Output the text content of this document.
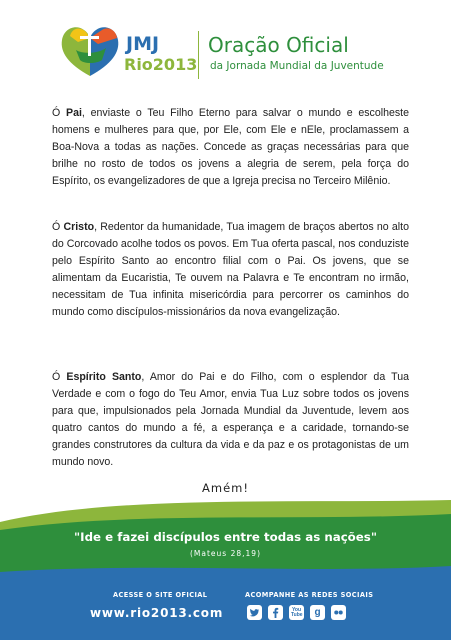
JMJ
Rio2013
Oração Oficial
da Jornada Mundial da Juventude
Ó Pai, enviaste o Teu Filho Eterno para salvar o mundo e escolheste homens e mulheres para que, por Ele, com Ele e nEle, proclamassem a Boa-Nova a todas as nações. Concede as graças necessárias para que brilhe no rosto de todos os jovens a alegria de serem, pela força do Espírito, os evangelizadores de que a Igreja precisa no Terceiro Milênio.
Ó Cristo, Redentor da humanidade, Tua imagem de braços abertos no alto do Corcovado acolhe todos os povos. Em Tua oferta pascal, nos conduziste pelo Espírito Santo ao encontro filial com o Pai. Os jovens, que se alimentam da Eucaristia, Te ouvem na Palavra e Te encontram no irmão, necessitam de Tua infinita misericórdia para percorrer os caminhos do mundo como discípulos-missionários da nova evangelização.
Ó Espírito Santo, Amor do Pai e do Filho, com o esplendor da Tua Verdade e com o fogo do Teu Amor, envia Tua Luz sobre todos os jovens para que, impulsionados pela Jornada Mundial da Juventude, levem aos quatro cantos do mundo a fé, a esperança e a caridade, tornando-se grandes construtores da cultura da vida e da paz e os protagonistas de um mundo novo.
Amém!
"Ide e fazei discípulos entre todas as nações"
(Mateus 28,19)
ACESSE O SITE OFICIAL
www.rio2013.com
ACOMPANHE AS REDES SOCIAIS
You Tube g
